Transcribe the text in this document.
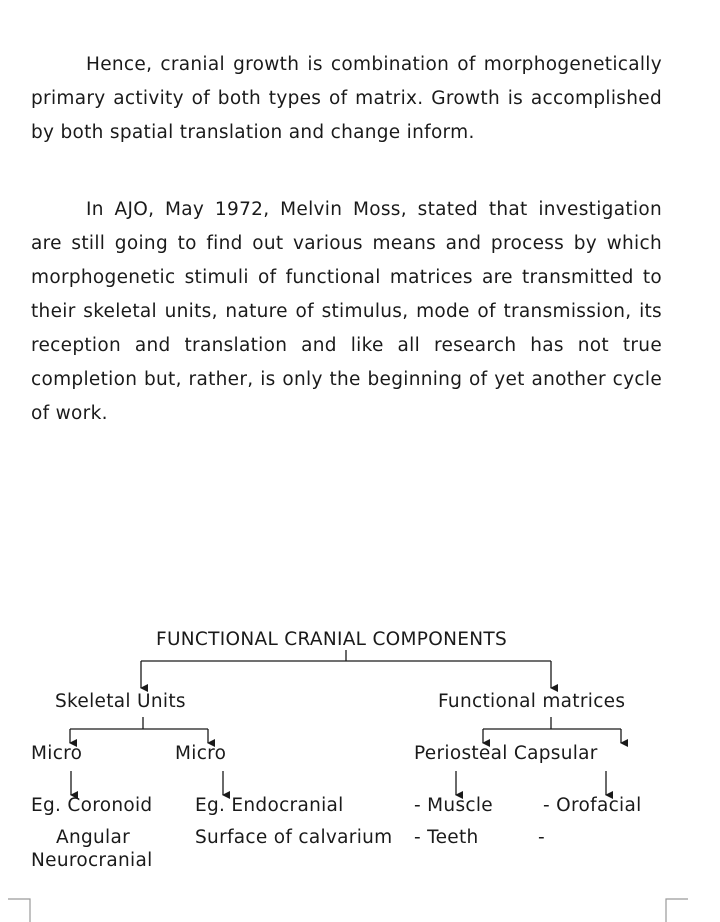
Hence, cranial growth is combination of morphogenetically primary activity of both types of matrix. Growth is accomplished by both spatial translation and change inform.

In AJO, May 1972, Melvin Moss, stated that investigation are still going to find out various means and process by which morphogenetic stimuli of functional matrices are transmitted to their skeletal units, nature of stimulus, mode of transmission, its reception and translation and like all research has not true completion but, rather, is only the beginning of yet another cycle of work.

FUNCTIONAL CRANIAL COMPONENTS
Skeletal Units	Functional matrices
Micro	Micro	Periosteal Capsular
Eg. Coronoid
Angular
Neurocranial
Eg. Endocranial
Surface of calvarium
- Muscle
- Teeth
- Orofacial
-
